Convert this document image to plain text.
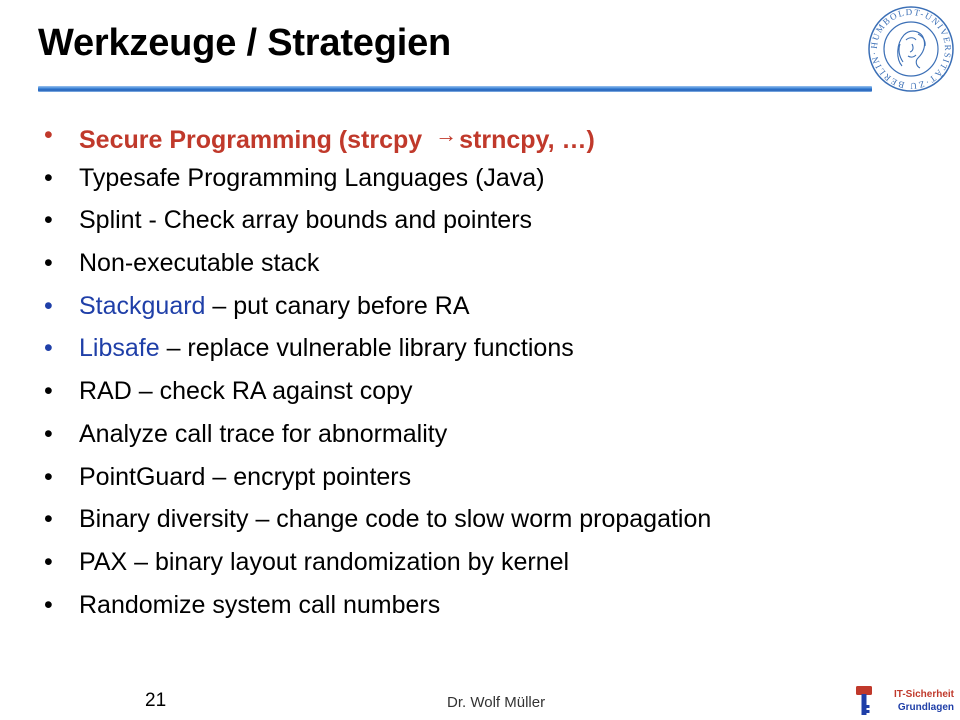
Werkzeuge / Strategien	HUMBOLDT-UNIVERSITÄT·ZU BERLIN·
• Secure Programming (strcpy →strncpy, …)
• Typesafe Programming Languages (Java)
• Splint - Check array bounds and pointers
• Non-executable stack
• Stackguard – put canary before RA
• Libsafe – replace vulnerable library functions
• RAD – check RA against copy
• Analyze call trace for abnormality
• PointGuard – encrypt pointers
• Binary diversity – change code to slow worm propagation
• PAX – binary layout randomization by kernel
• Randomize system call numbers
21	Dr. Wolf Müller	IT-Sicherheit
Grundlagen
